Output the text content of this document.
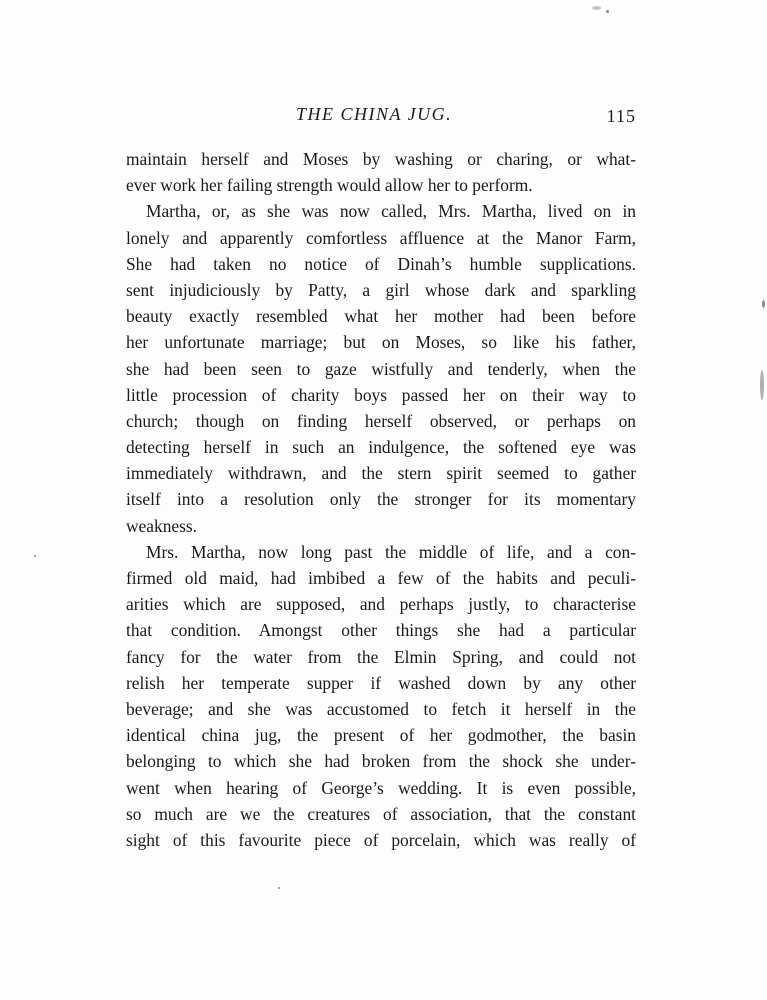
THE CHINA JUG.	115
maintain herself and Moses by washing or charing, or what-
ever work her failing strength would allow her to perform.
Martha, or, as she was now called, Mrs. Martha, lived on in
lonely and apparently comfortless affluence at the Manor Farm,
She had taken no notice of Dinah’s humble supplications.
sent injudiciously by Patty, a girl whose dark and sparkling
beauty exactly resembled what her mother had been before
her unfortunate marriage; but on Moses, so like his father,
she had been seen to gaze wistfully and tenderly, when the
little procession of charity boys passed her on their way to
church; though on finding herself observed, or perhaps on
detecting herself in such an indulgence, the softened eye was
immediately withdrawn, and the stern spirit seemed to gather
itself into a resolution only the stronger for its momentary
weakness.
Mrs. Martha, now long past the middle of life, and a con-
firmed old maid, had imbibed a few of the habits and peculi-
arities which are supposed, and perhaps justly, to characterise
that condition. Amongst other things she had a particular
fancy for the water from the Elmin Spring, and could not
relish her temperate supper if washed down by any other
beverage; and she was accustomed to fetch it herself in the
identical china jug, the present of her godmother, the basin
belonging to which she had broken from the shock she under-
went when hearing of George’s wedding. It is even possible,
so much are we the creatures of association, that the constant
sight of this favourite piece of porcelain, which was really of
